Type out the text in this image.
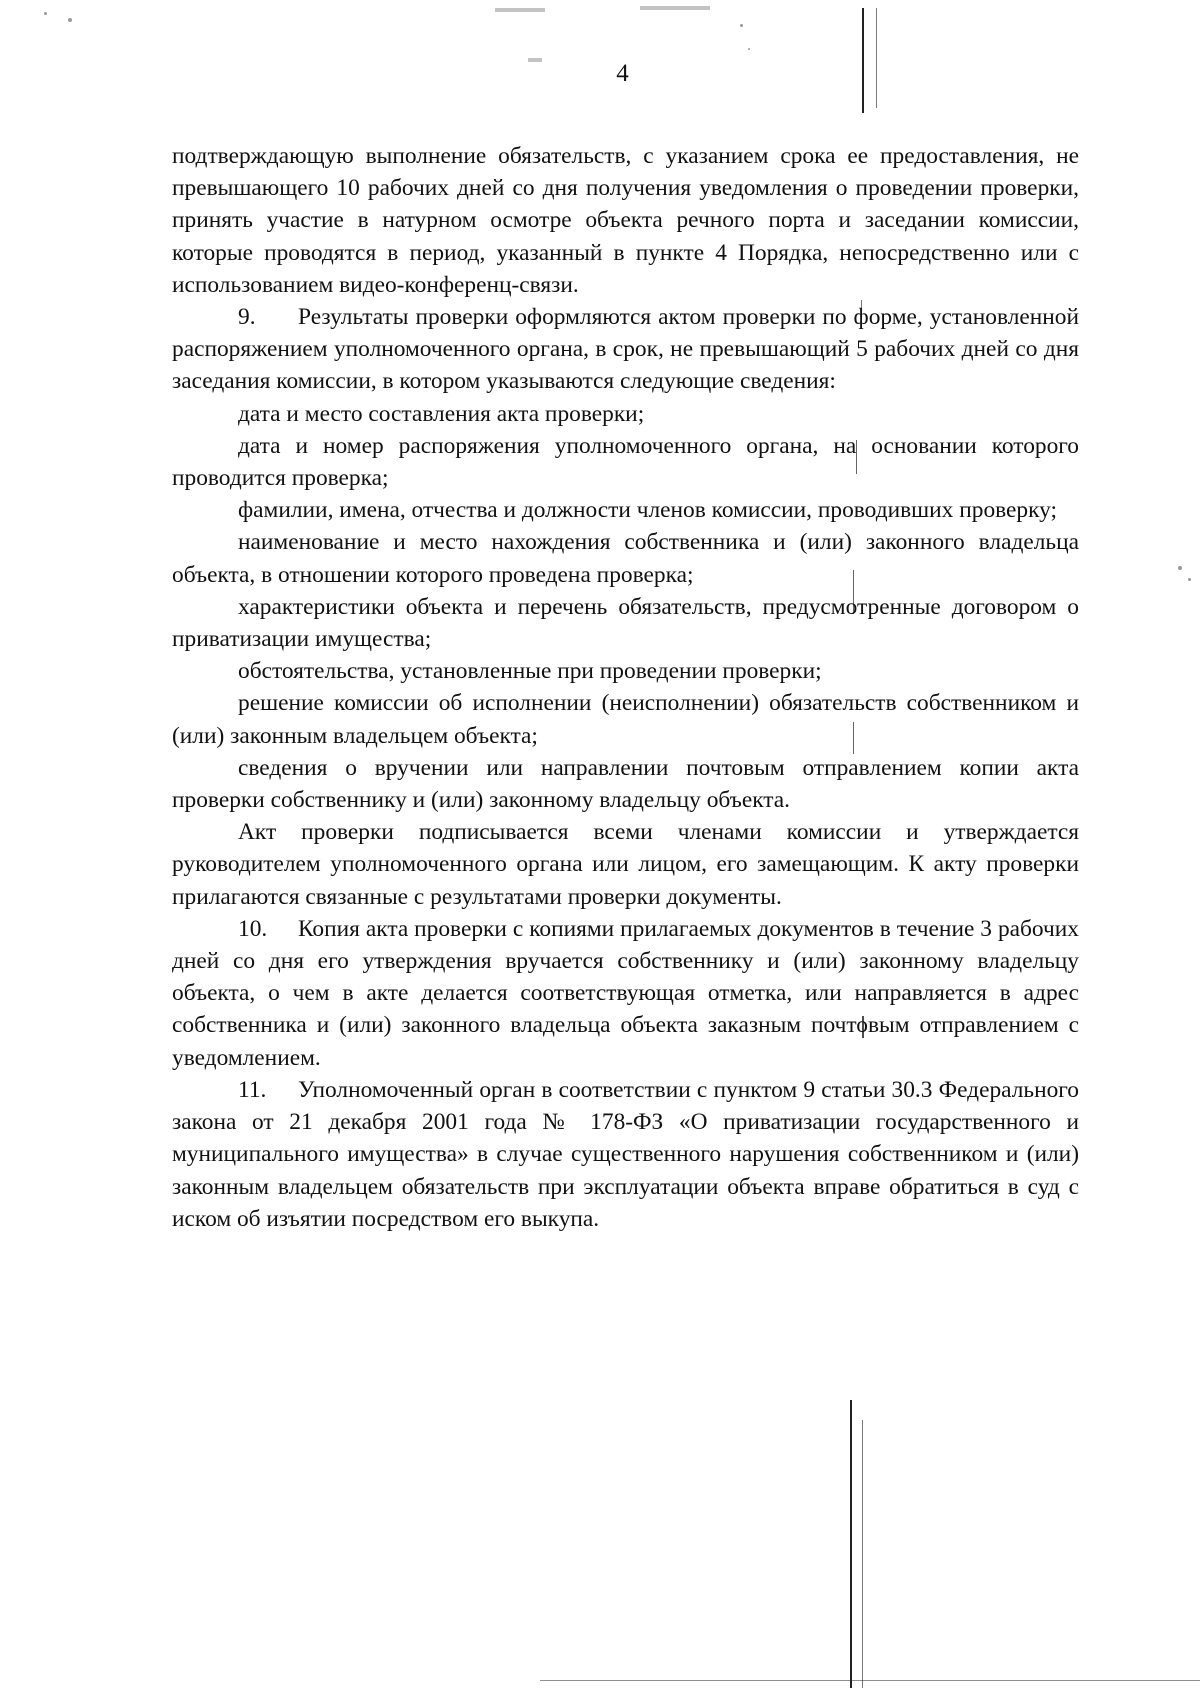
4

подтверждающую выполнение обязательств, с указанием срока ее предоставления, не превышающего 10 рабочих дней со дня получения уведомления о проведении проверки, принять участие в натурном осмотре объекта речного порта и заседании комиссии, которые проводятся в период, указанный в пункте 4 Порядка, непосредственно или с использованием видео-конференц-связи.

9. Результаты проверки оформляются актом проверки по форме, установленной распоряжением уполномоченного органа, в срок, не превышающий 5 рабочих дней со дня заседания комиссии, в котором указываются следующие сведения:

дата и место составления акта проверки;

дата и номер распоряжения уполномоченного органа, на основании которого проводится проверка;

фамилии, имена, отчества и должности членов комиссии, проводивших проверку;

наименование и место нахождения собственника и (или) законного владельца объекта, в отношении которого проведена проверка;

характеристики объекта и перечень обязательств, предусмотренные договором о приватизации имущества;

обстоятельства, установленные при проведении проверки;

решение комиссии об исполнении (неисполнении) обязательств собственником и (или) законным владельцем объекта;

сведения о вручении или направлении почтовым отправлением копии акта проверки собственнику и (или) законному владельцу объекта.

Акт проверки подписывается всеми членами комиссии и утверждается руководителем уполномоченного органа или лицом, его замещающим. К акту проверки прилагаются связанные с результатами проверки документы.

10. Копия акта проверки с копиями прилагаемых документов в течение 3 рабочих дней со дня его утверждения вручается собственнику и (или) законному владельцу объекта, о чем в акте делается соответствующая отметка, или направляется в адрес собственника и (или) законного владельца объекта заказным почтовым отправлением с уведомлением.

11. Уполномоченный орган в соответствии с пунктом 9 статьи 30.3 Федерального закона от 21 декабря 2001 года № 178-ФЗ «О приватизации государственного и муниципального имущества» в случае существенного нарушения собственником и (или) законным владельцем обязательств при эксплуатации объекта вправе обратиться в суд с иском об изъятии посредством его выкупа.
